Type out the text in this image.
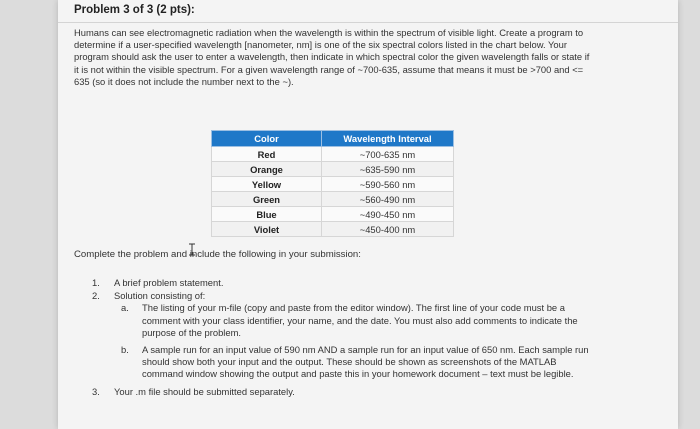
Problem 3 of 3 (2 pts):
Humans can see electromagnetic radiation when the wavelength is within the spectrum of visible light. Create a program to determine if a user-specified wavelength [nanometer, nm] is one of the six spectral colors listed in the chart below. Your program should ask the user to enter a wavelength, then indicate in which spectral color the given wavelength falls or state if it is not within the visible spectrum. For a given wavelength range of ~700-635, assume that means it must be >700 and <= 635 (so it does not include the number next to the ~).
Color	Wavelength Interval
Red	~700-635 nm
Orange	~635-590 nm
Yellow	~590-560 nm
Green	~560-490 nm
Blue	~490-450 nm
Violet	~450-400 nm
Complete the problem and include the following in your submission:
1. A brief problem statement.
2. Solution consisting of:
a. The listing of your m-file (copy and paste from the editor window). The first line of your code must be a comment with your class identifier, your name, and the date. You must also add comments to indicate the purpose of the problem.
b. A sample run for an input value of 590 nm AND a sample run for an input value of 650 nm. Each sample run should show both your input and the output. These should be shown as screenshots of the MATLAB command window showing the output and paste this in your homework document – text must be legible.
3. Your .m file should be submitted separately.
